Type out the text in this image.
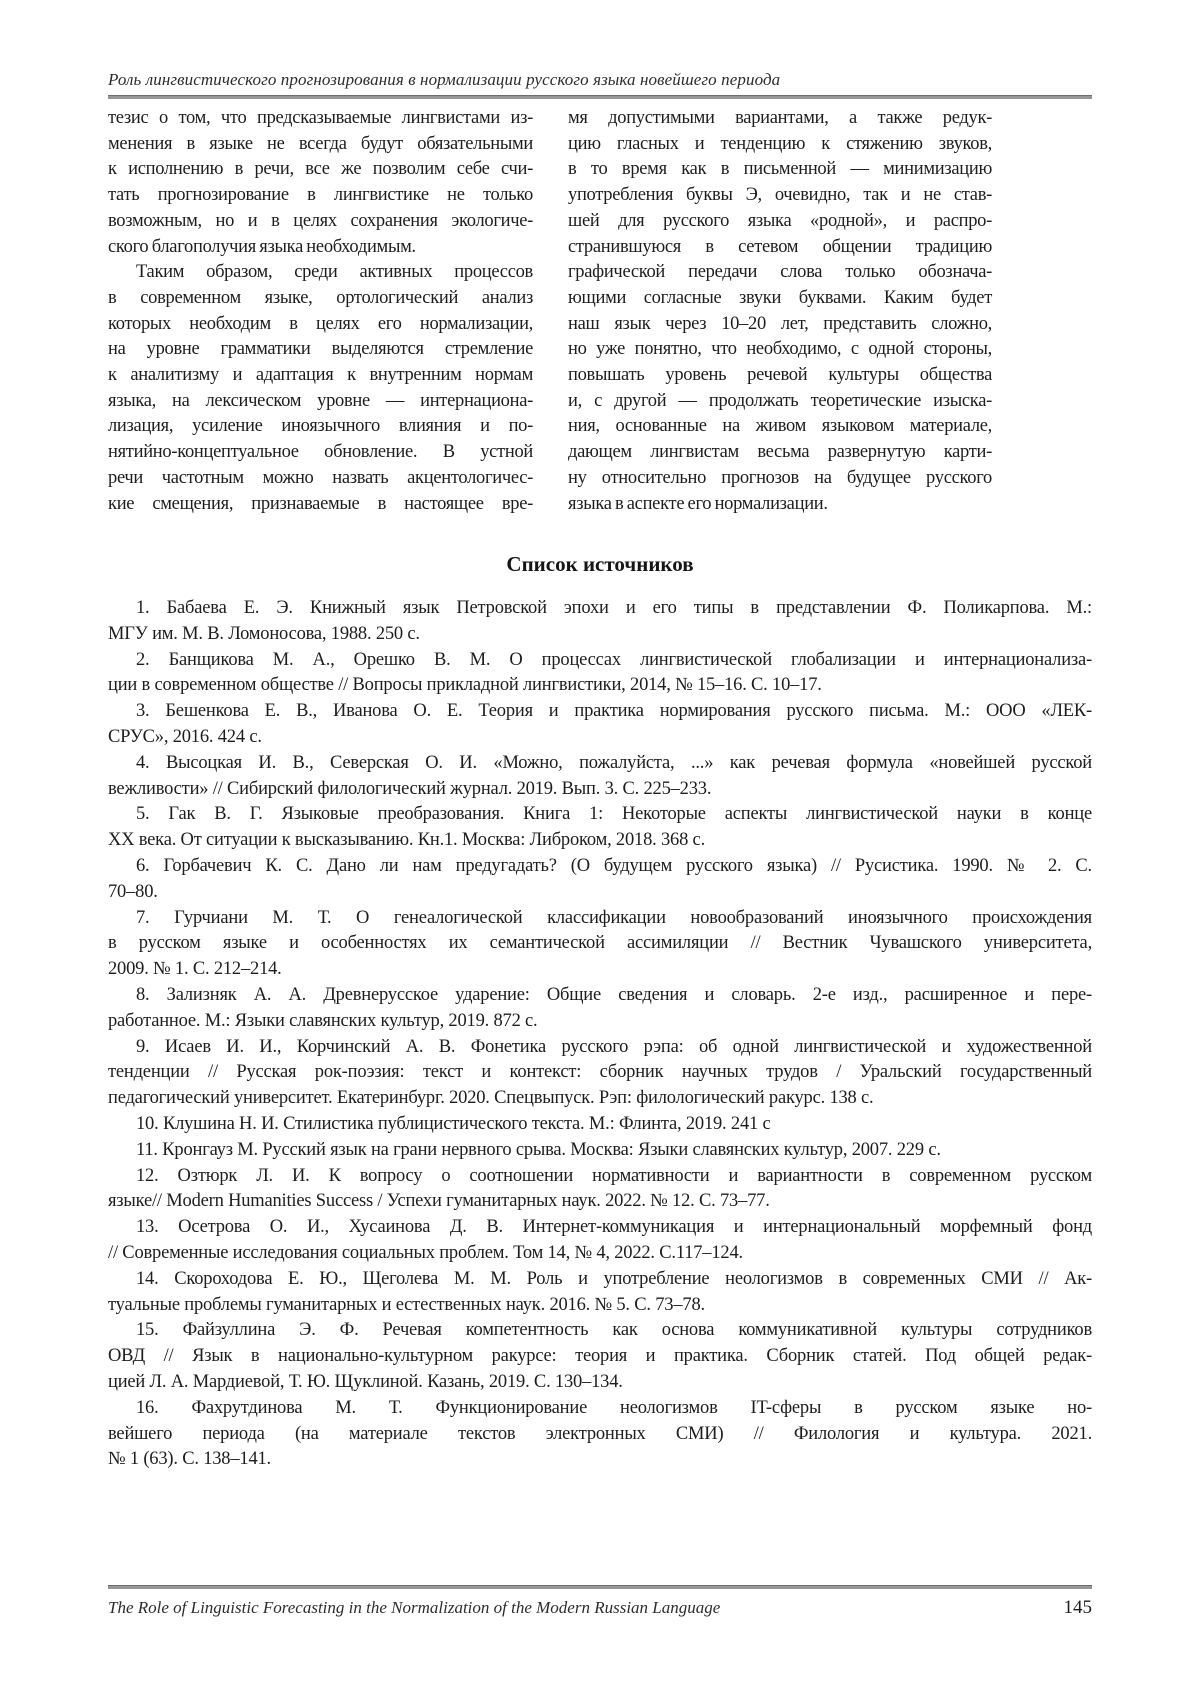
Роль лингвистического прогнозирования в нормализации русского языка новейшего периода
тезис о том, что предсказываемые лингвистами из-
менения в языке не всегда будут обязательными
к исполнению в речи, все же позволим себе счи-
тать прогнозирование в лингвистике не только
возможным, но и в целях сохранения экологиче-
ского благополучия языка необходимым.
Таким образом, среди активных процессов
в современном языке, ортологический анализ
которых необходим в целях его нормализации,
на уровне грамматики выделяются стремление
к аналитизму и адаптация к внутренним нормам
языка, на лексическом уровне — интернациона-
лизация, усиление иноязычного влияния и по-
нятийно-концептуальное обновление. В устной
речи частотным можно назвать акцентологичес-
кие смещения, признаваемые в настоящее вре-
мя допустимыми вариантами, а также редук-
цию гласных и тенденцию к стяжению звуков,
в то время как в письменной — минимизацию
употребления буквы Э, очевидно, так и не став-
шей для русского языка «родной», и распро-
странившуюся в сетевом общении традицию
графической передачи слова только обознача-
ющими согласные звуки буквами. Каким будет
наш язык через 10–20 лет, представить сложно,
но уже понятно, что необходимо, с одной стороны,
повышать уровень речевой культуры общества
и, с другой — продолжать теоретические изыска-
ния, основанные на живом языковом материале,
дающем лингвистам весьма развернутую карти-
ну относительно прогнозов на будущее русского
языка в аспекте его нормализации.
Список источников
1. Бабаева Е. Э. Книжный язык Петровской эпохи и его типы в представлении Ф. Поликарпова. М.:
МГУ им. М. В. Ломоносова, 1988. 250 с.
2. Банщикова М. А., Орешко В. М. О процессах лингвистической глобализации и интернационализа-
ции в современном обществе // Вопросы прикладной лингвистики, 2014, № 15–16. С. 10–17.
3. Бешенкова Е. В., Иванова О. Е. Теория и практика нормирования русского письма. М.: ООО «ЛЕК-
СРУС», 2016. 424 с.
4. Высоцкая И. В., Северская О. И. «Можно, пожалуйста, ...» как речевая формула «новейшей русской
вежливости» // Сибирский филологический журнал. 2019. Вып. 3. С. 225–233.
5. Гак В. Г. Языковые преобразования. Книга 1: Некоторые аспекты лингвистической науки в конце
XX века. От ситуации к высказыванию. Кн.1. Москва: Либроком, 2018. 368 с.
6. Горбачевич К. С. Дано ли нам предугадать? (О будущем русского языка) // Русистика. 1990. № 2. С.
70–80.
7. Гурчиани М. Т. О генеалогической классификации новообразований иноязычного происхождения
в русском языке и особенностях их семантической ассимиляции // Вестник Чувашского университета,
2009. № 1. С. 212–214.
8. Зализняк А. А. Древнерусское ударение: Общие сведения и словарь. 2-е изд., расширенное и пере-
работанное. М.: Языки славянских культур, 2019. 872 с.
9. Исаев И. И., Корчинский А. В. Фонетика русского рэпа: об одной лингвистической и художественной
тенденции // Русская рок-поэзия: текст и контекст: сборник научных трудов / Уральский государственный
педагогический университет. Екатеринбург. 2020. Спецвыпуск. Рэп: филологический ракурс. 138 с.
10. Клушина Н. И. Стилистика публицистического текста. М.: Флинта, 2019. 241 с
11. Кронгауз М. Русский язык на грани нервного срыва. Москва: Языки славянских культур, 2007. 229 с.
12. Озтюрк Л. И. К вопросу о соотношении нормативности и вариантности в современном русском
языке// Modern Humanities Success / Успехи гуманитарных наук. 2022. № 12. С. 73–77.
13. Осетрова О. И., Хусаинова Д. В. Интернет-коммуникация и интернациональный морфемный фонд
// Современные исследования социальных проблем. Том 14, № 4, 2022. С.117–124.
14. Скороходова Е. Ю., Щеголева М. М. Роль и употребление неологизмов в современных СМИ // Ак-
туальные проблемы гуманитарных и естественных наук. 2016. № 5. С. 73–78.
15. Файзуллина Э. Ф. Речевая компетентность как основа коммуникативной культуры сотрудников
ОВД // Язык в национально-культурном ракурсе: теория и практика. Сборник статей. Под общей редак-
цией Л. А. Мардиевой, Т. Ю. Щуклиной. Казань, 2019. С. 130–134.
16. Фахрутдинова М. Т. Функционирование неологизмов IT-сферы в русском языке но-
вейшего периода (на материале текстов электронных СМИ) // Филология и культура. 2021.
№ 1 (63). С. 138–141.
The Role of Linguistic Forecasting in the Normalization of the Modern Russian Language	145
